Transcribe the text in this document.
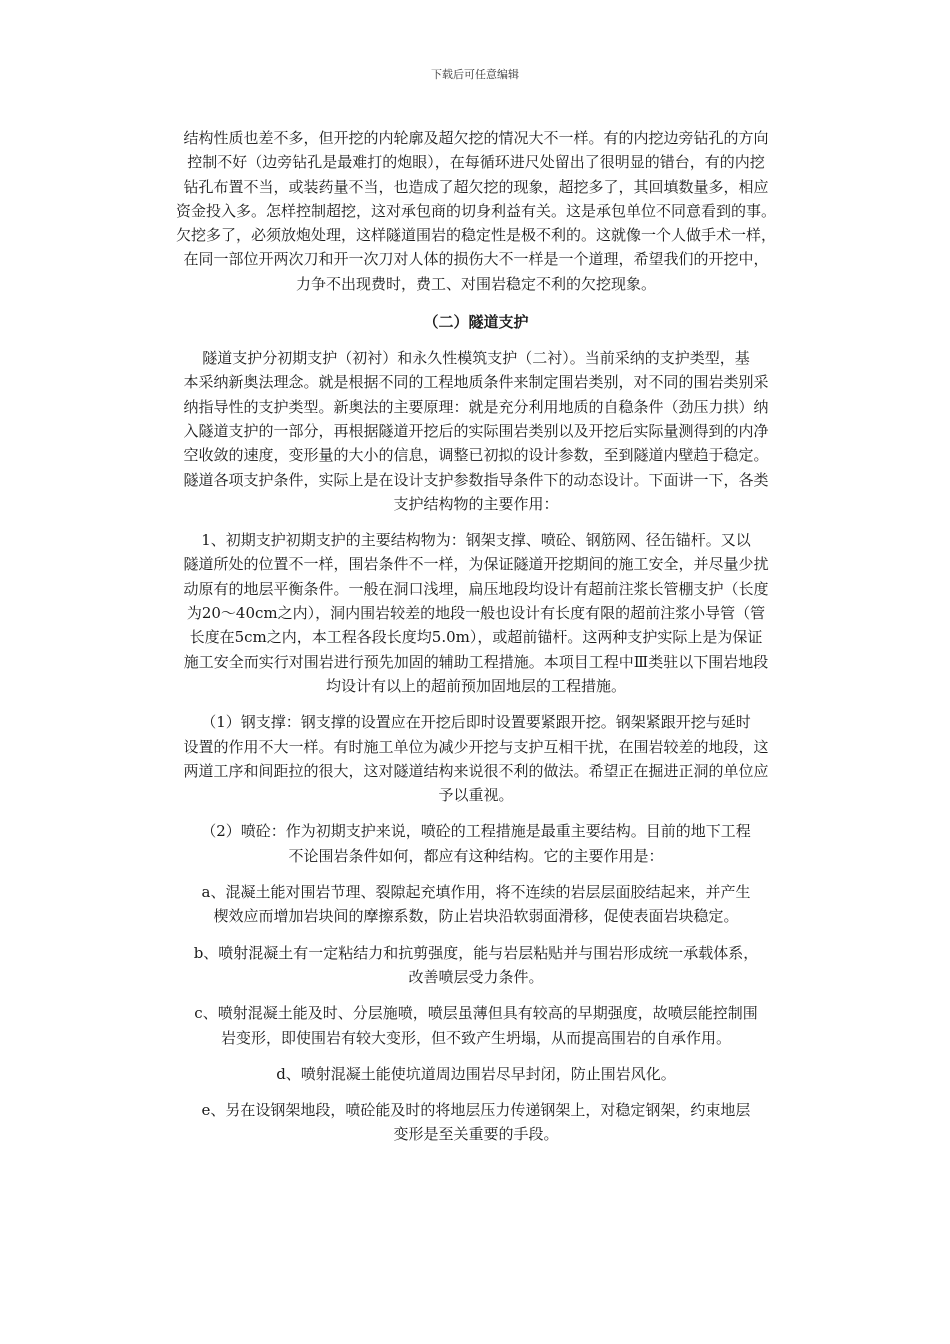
下载后可任意编辑

结构性质也差不多，但开挖的内轮廓及超欠挖的情况大不一样。有的内挖边旁钻孔的方向
控制不好（边旁钻孔是最难打的炮眼），在每循环进尺处留出了很明显的错台，有的内挖
钻孔布置不当，或装药量不当，也造成了超欠挖的现象，超挖多了，其回填数量多，相应
资金投入多。怎样控制超挖，这对承包商的切身利益有关。这是承包单位不同意看到的事。
欠挖多了，必须放炮处理，这样隧道围岩的稳定性是极不利的。这就像一个人做手术一样，
在同一部位开两次刀和开一次刀对人体的损伤大不一样是一个道理，希望我们的开挖中，
力争不出现费时，费工、对围岩稳定不利的欠挖现象。

（二）隧道支护

隧道支护分初期支护（初衬）和永久性模筑支护（二衬）。当前采纳的支护类型，基
本采纳新奥法理念。就是根据不同的工程地质条件来制定围岩类别，对不同的围岩类别采
纳指导性的支护类型。新奥法的主要原理：就是充分利用地质的自稳条件（劲压力拱）纳
入隧道支护的一部分，再根据隧道开挖后的实际围岩类别以及开挖后实际量测得到的内净
空收敛的速度，变形量的大小的信息，调整已初拟的设计参数，至到隧道内壁趋于稳定。
隧道各项支护条件，实际上是在设计支护参数指导条件下的动态设计。下面讲一下，各类
支护结构物的主要作用：

1、初期支护初期支护的主要结构物为：钢架支撑、喷砼、钢筋网、径缶锚杆。又以
隧道所处的位置不一样，围岩条件不一样，为保证隧道开挖期间的施工安全，并尽量少扰
动原有的地层平衡条件。一般在洞口浅埋，扁压地段均设计有超前注浆长管棚支护（长度
为20～40cm之内），洞内围岩较差的地段一般也设计有长度有限的超前注浆小导管（管
长度在5cm之内，本工程各段长度均5.0m），或超前锚杆。这两种支护实际上是为保证
施工安全而实行对围岩进行预先加固的辅助工程措施。本项目工程中Ⅲ类驻以下围岩地段
均设计有以上的超前预加固地层的工程措施。

（1）钢支撑：钢支撑的设置应在开挖后即时设置要紧跟开挖。钢架紧跟开挖与延时
设置的作用不大一样。有时施工单位为减少开挖与支护互相干扰，在围岩较差的地段，这
两道工序和间距拉的很大，这对隧道结构来说很不利的做法。希望正在掘进正洞的单位应
予以重视。

（2）喷砼：作为初期支护来说，喷砼的工程措施是最重主要结构。目前的地下工程
不论围岩条件如何，都应有这种结构。它的主要作用是：

a、混凝土能对围岩节理、裂隙起充填作用，将不连续的岩层层面胶结起来，并产生
楔效应而增加岩块间的摩擦系数，防止岩块沿软弱面滑移，促使表面岩块稳定。

b、喷射混凝土有一定粘结力和抗剪强度，能与岩层粘贴并与围岩形成统一承载体系，
改善喷层受力条件。

c、喷射混凝土能及时、分层施喷，喷层虽薄但具有较高的早期强度，故喷层能控制围
岩变形，即使围岩有较大变形，但不致产生坍塌，从而提高围岩的自承作用。

d、喷射混凝土能使坑道周边围岩尽早封闭，防止围岩风化。

e、另在设钢架地段，喷砼能及时的将地层压力传递钢架上，对稳定钢架，约束地层
变形是至关重要的手段。
